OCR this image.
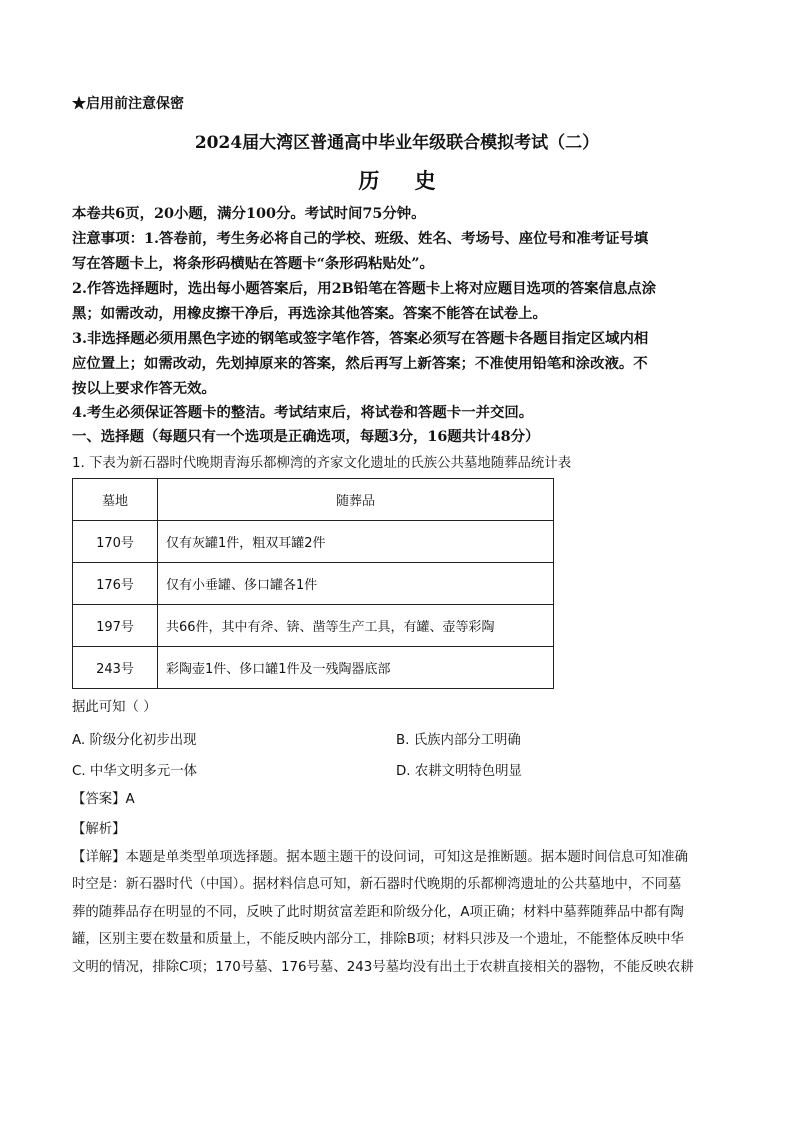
★启用前注意保密
2024届大湾区普通高中毕业年级联合模拟考试（二）
历 史
本卷共6页，20小题，满分100分。考试时间75分钟。
注意事项：1.答卷前，考生务必将自己的学校、班级、姓名、考场号、座位号和准考证号填
写在答题卡上，将条形码横贴在答题卡“条形码粘贴处”。
2.作答选择题时，选出每小题答案后，用2B铅笔在答题卡上将对应题目选项的答案信息点涂
黑；如需改动，用橡皮擦干净后，再选涂其他答案。答案不能答在试卷上。
3.非选择题必须用黑色字迹的钢笔或签字笔作答，答案必须写在答题卡各题目指定区域内相
应位置上；如需改动，先划掉原来的答案，然后再写上新答案；不准使用铅笔和涂改液。不
按以上要求作答无效。
4.考生必须保证答题卡的整洁。考试结束后，将试卷和答题卡一并交回。
一、选择题（每题只有一个选项是正确选项，每题3分，16题共计48分）
1. 下表为新石器时代晚期青海乐都柳湾的齐家文化遗址的氏族公共墓地随葬品统计表
墓地	随葬品
170号	仅有灰罐1件，粗双耳罐2件
176号	仅有小垂罐、侈口罐各1件
197号	共66件，其中有斧、锛、凿等生产工具，有罐、壶等彩陶
243号	彩陶壶1件、侈口罐1件及一残陶器底部
据此可知（ ）
A. 阶级分化初步出现	B. 氏族内部分工明确
C. 中华文明多元一体	D. 农耕文明特色明显
【答案】A

【解析】

【详解】本题是单类型单项选择题。据本题主题干的设问词，可知这是推断题。据本题时间信息可知准确

时空是：新石器时代（中国）。据材料信息可知，新石器时代晚期的乐都柳湾遗址的公共墓地中，不同墓

葬的随葬品存在明显的不同，反映了此时期贫富差距和阶级分化，A项正确；材料中墓葬随葬品中都有陶

罐，区别主要在数量和质量上，不能反映内部分工，排除B项；材料只涉及一个遗址，不能整体反映中华

文明的情况，排除C项；170号墓、176号墓、243号墓均没有出土于农耕直接相关的器物，不能反映农耕
